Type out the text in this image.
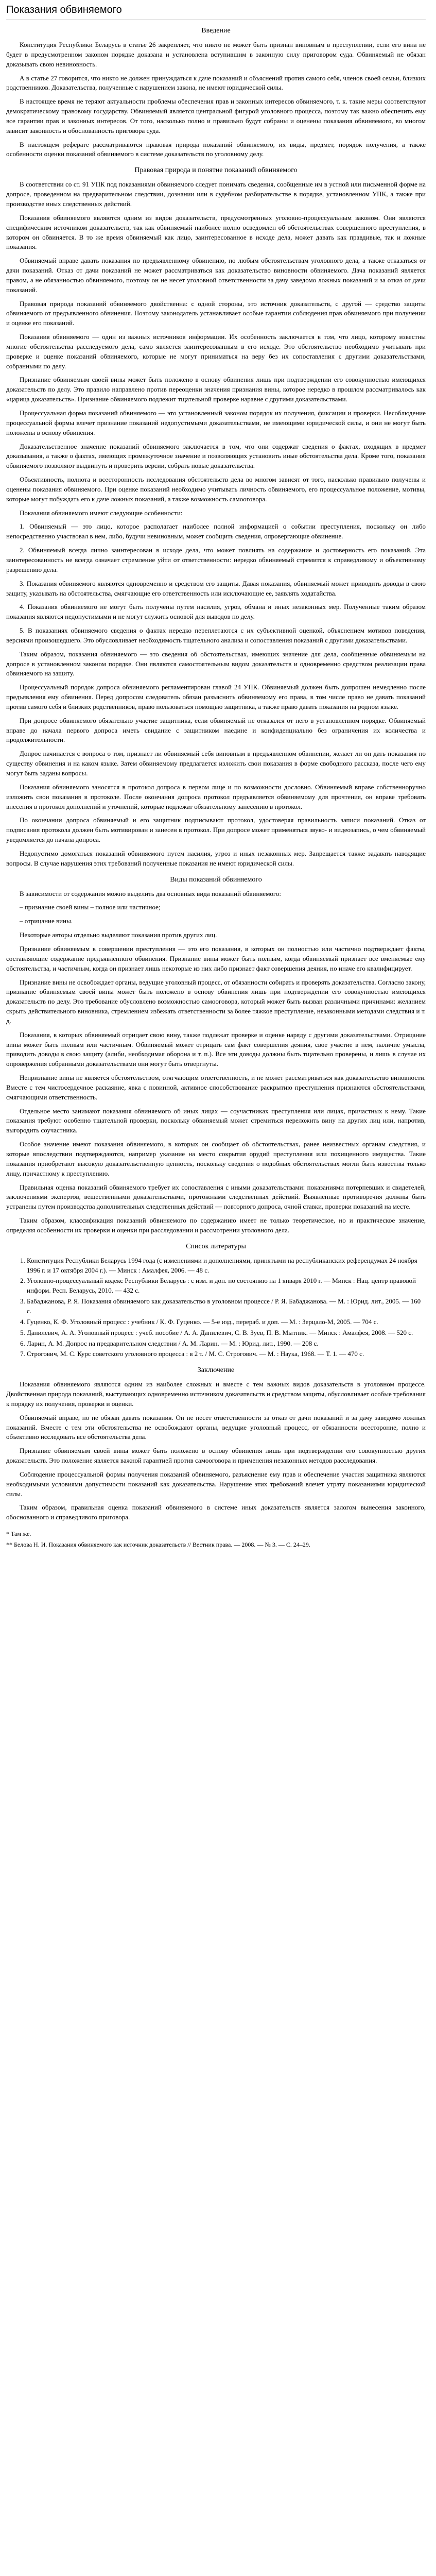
Показания обвиняемого
Введение

Конституция Республики Беларусь в статье 26 закрепляет, что никто не может быть признан виновным в преступлении, если его вина не будет в предусмотренном законом порядке доказана и установлена вступившим в законную силу приговором суда. Обвиняемый не обязан доказывать свою невиновность.

А в статье 27 говорится, что никто не должен принуждаться к даче показаний и объяснений против самого себя, членов своей семьи, близких родственников. Доказательства, полученные с нарушением закона, не имеют юридической силы.

В настоящее время не теряют актуальности проблемы обеспечения прав и законных интересов обвиняемого, т. к. такие меры соответствуют демократическому правовому государству. Обвиняемый является центральной фигурой уголовного процесса, поэтому так важно обеспечить ему все гарантии прав и законных интересов. От того, насколько полно и правильно будут собраны и оценены показания обвиняемого, во многом зависит законность и обоснованность приговора суда.

В настоящем реферате рассматриваются правовая природа показаний обвиняемого, их виды, предмет, порядок получения, а также особенности оценки показаний обвиняемого в системе доказательств по уголовному делу.

Правовая природа и понятие показаний обвиняемого

В соответствии со ст. 91 УПК под показаниями обвиняемого следует понимать сведения, сообщенные им в устной или письменной форме на допросе, проведенном на предварительном следствии, дознании или в судебном разбирательстве в порядке, установленном УПК, а также при производстве иных следственных действий.

Показания обвиняемого являются одним из видов доказательств, предусмотренных уголовно-процессуальным законом. Они являются специфическим источником доказательств, так как обвиняемый наиболее полно осведомлен об обстоятельствах совершенного преступления, в котором он обвиняется. В то же время обвиняемый как лицо, заинтересованное в исходе дела, может давать как правдивые, так и ложные показания.

Обвиняемый вправе давать показания по предъявленному обвинению, по любым обстоятельствам уголовного дела, а также отказаться от дачи показаний. Отказ от дачи показаний не может рассматриваться как доказательство виновности обвиняемого. Дача показаний является правом, а не обязанностью обвиняемого, поэтому он не несет уголовной ответственности за дачу заведомо ложных показаний и за отказ от дачи показаний.

Правовая природа показаний обвиняемого двойственна: с одной стороны, это источник доказательств, с другой — средство защиты обвиняемого от предъявленного обвинения. Поэтому законодатель устанавливает особые гарантии соблюдения прав обвиняемого при получении и оценке его показаний.

Показания обвиняемого — один из важных источников информации. Их особенность заключается в том, что лицо, которому известны многие обстоятельства расследуемого дела, само является заинтересованным в его исходе. Это обстоятельство необходимо учитывать при проверке и оценке показаний обвиняемого, которые не могут приниматься на веру без их сопоставления с другими доказательствами, собранными по делу.

Признание обвиняемым своей вины может быть положено в основу обвинения лишь при подтверждении его совокупностью имеющихся доказательств по делу. Это правило направлено против переоценки значения признания вины, которое нередко в прошлом рассматривалось как «царица доказательств». Признание обвиняемого подлежит тщательной проверке наравне с другими доказательствами.

Процессуальная форма показаний обвиняемого — это установленный законом порядок их получения, фиксации и проверки. Несоблюдение процессуальной формы влечет признание показаний недопустимыми доказательствами, не имеющими юридической силы, и они не могут быть положены в основу обвинения.

Доказательственное значение показаний обвиняемого заключается в том, что они содержат сведения о фактах, входящих в предмет доказывания, а также о фактах, имеющих промежуточное значение и позволяющих установить иные обстоятельства дела. Кроме того, показания обвиняемого позволяют выдвинуть и проверить версии, собрать новые доказательства.

Объективность, полнота и всесторонность исследования обстоятельств дела во многом зависят от того, насколько правильно получены и оценены показания обвиняемого. При оценке показаний необходимо учитывать личность обвиняемого, его процессуальное положение, мотивы, которые могут побуждать его к даче ложных показаний, а также возможность самооговора.

Показания обвиняемого имеют следующие особенности:

1. Обвиняемый — это лицо, которое располагает наиболее полной информацией о событии преступления, поскольку он либо непосредственно участвовал в нем, либо, будучи невиновным, может сообщить сведения, опровергающие обвинение.

2. Обвиняемый всегда лично заинтересован в исходе дела, что может повлиять на содержание и достоверность его показаний. Эта заинтересованность не всегда означает стремление уйти от ответственности: нередко обвиняемый стремится к справедливому и объективному разрешению дела.

3. Показания обвиняемого являются одновременно и средством его защиты. Давая показания, обвиняемый может приводить доводы в свою защиту, указывать на обстоятельства, смягчающие его ответственность или исключающие ее, заявлять ходатайства.

4. Показания обвиняемого не могут быть получены путем насилия, угроз, обмана и иных незаконных мер. Полученные таким образом показания являются недопустимыми и не могут служить основой для выводов по делу.

5. В показаниях обвиняемого сведения о фактах нередко переплетаются с их субъективной оценкой, объяснением мотивов поведения, версиями произошедшего. Это обусловливает необходимость тщательного анализа и сопоставления показаний с другими доказательствами.

Таким образом, показания обвиняемого — это сведения об обстоятельствах, имеющих значение для дела, сообщенные обвиняемым на допросе в установленном законом порядке. Они являются самостоятельным видом доказательств и одновременно средством реализации права обвиняемого на защиту.

Процессуальный порядок допроса обвиняемого регламентирован главой 24 УПК. Обвиняемый должен быть допрошен немедленно после предъявления ему обвинения. Перед допросом следователь обязан разъяснить обвиняемому его права, в том числе право не давать показаний против самого себя и близких родственников, право пользоваться помощью защитника, а также право давать показания на родном языке.

При допросе обвиняемого обязательно участие защитника, если обвиняемый не отказался от него в установленном порядке. Обвиняемый вправе до начала первого допроса иметь свидание с защитником наедине и конфиденциально без ограничения их количества и продолжительности.

Допрос начинается с вопроса о том, признает ли обвиняемый себя виновным в предъявленном обвинении, желает ли он дать показания по существу обвинения и на каком языке. Затем обвиняемому предлагается изложить свои показания в форме свободного рассказа, после чего ему могут быть заданы вопросы.

Показания обвиняемого заносятся в протокол допроса в первом лице и по возможности дословно. Обвиняемый вправе собственноручно изложить свои показания в протоколе. После окончания допроса протокол предъявляется обвиняемому для прочтения, он вправе требовать внесения в протокол дополнений и уточнений, которые подлежат обязательному занесению в протокол.

По окончании допроса обвиняемый и его защитник подписывают протокол, удостоверяя правильность записи показаний. Отказ от подписания протокола должен быть мотивирован и занесен в протокол. При допросе может применяться звуко- и видеозапись, о чем обвиняемый уведомляется до начала допроса.

Недопустимо домогаться показаний обвиняемого путем насилия, угроз и иных незаконных мер. Запрещается также задавать наводящие вопросы. В случае нарушения этих требований полученные показания не имеют юридической силы.

Виды показаний обвиняемого

В зависимости от содержания можно выделить два основных вида показаний обвиняемого:

– признание своей вины – полное или частичное;

– отрицание вины.

Некоторые авторы отдельно выделяют показания против других лиц.

Признание обвиняемым в совершении преступления — это его показания, в которых он полностью или частично подтверждает факты, составляющие содержание предъявленного обвинения. Признание вины может быть полным, когда обвиняемый признает все вменяемые ему обстоятельства, и частичным, когда он признает лишь некоторые из них либо признает факт совершения деяния, но иначе его квалифицирует.

Признание вины не освобождает органы, ведущие уголовный процесс, от обязанности собирать и проверять доказательства. Согласно закону, признание обвиняемым своей вины может быть положено в основу обвинения лишь при подтверждении его совокупностью имеющихся доказательств по делу. Это требование обусловлено возможностью самооговора, который может быть вызван различными причинами: желанием скрыть действительного виновника, стремлением избежать ответственности за более тяжкое преступление, незаконными методами следствия и т. д.

Показания, в которых обвиняемый отрицает свою вину, также подлежат проверке и оценке наряду с другими доказательствами. Отрицание вины может быть полным или частичным. Обвиняемый может отрицать сам факт совершения деяния, свое участие в нем, наличие умысла, приводить доводы в свою защиту (алиби, необходимая оборона и т. п.). Все эти доводы должны быть тщательно проверены, и лишь в случае их опровержения собранными доказательствами они могут быть отвергнуты.

Непризнание вины не является обстоятельством, отягчающим ответственность, и не может рассматриваться как доказательство виновности. Вместе с тем чистосердечное раскаяние, явка с повинной, активное способствование раскрытию преступления признаются обстоятельствами, смягчающими ответственность.

Отдельное место занимают показания обвиняемого об иных лицах — соучастниках преступления или лицах, причастных к нему. Такие показания требуют особенно тщательной проверки, поскольку обвиняемый может стремиться переложить вину на других лиц или, напротив, выгородить соучастника.

Особое значение имеют показания обвиняемого, в которых он сообщает об обстоятельствах, ранее неизвестных органам следствия, и которые впоследствии подтверждаются, например указание на место сокрытия орудий преступления или похищенного имущества. Такие показания приобретают высокую доказательственную ценность, поскольку сведения о подобных обстоятельствах могли быть известны только лицу, причастному к преступлению.

Правильная оценка показаний обвиняемого требует их сопоставления с иными доказательствами: показаниями потерпевших и свидетелей, заключениями экспертов, вещественными доказательствами, протоколами следственных действий. Выявленные противоречия должны быть устранены путем производства дополнительных следственных действий — повторного допроса, очной ставки, проверки показаний на месте.

Таким образом, классификация показаний обвиняемого по содержанию имеет не только теоретическое, но и практическое значение, определяя особенности их проверки и оценки при расследовании и рассмотрении уголовного дела.

Список литературы
1. Конституция Республики Беларусь 1994 года (с изменениями и дополнениями, принятыми на республиканских референдумах 24 ноября 1996 г. и 17 октября 2004 г.). — Минск : Амалфея, 2006. — 48 с.
2. Уголовно-процессуальный кодекс Республики Беларусь : с изм. и доп. по состоянию на 1 января 2010 г. — Минск : Нац. центр правовой информ. Респ. Беларусь, 2010. — 432 с.
3. Бабаджанова, Р. Я. Показания обвиняемого как доказательство в уголовном процессе / Р. Я. Бабаджанова. — М. : Юрид. лит., 2005. — 160 с.
4. Гуценко, К. Ф. Уголовный процесс : учебник / К. Ф. Гуценко. — 5-е изд., перераб. и доп. — М. : Зерцало-М, 2005. — 704 с.
5. Данилевич, А. А. Уголовный процесс : учеб. пособие / А. А. Данилевич, С. В. Зуев, П. В. Мытник. — Минск : Амалфея, 2008. — 520 с.
6. Ларин, А. М. Допрос на предварительном следствии / А. М. Ларин. — М. : Юрид. лит., 1990. — 208 с.
7. Строгович, М. С. Курс советского уголовного процесса : в 2 т. / М. С. Строгович. — М. : Наука, 1968. — Т. 1. — 470 с.
Заключение

Показания обвиняемого являются одним из наиболее сложных и вместе с тем важных видов доказательств в уголовном процессе. Двойственная природа показаний, выступающих одновременно источником доказательств и средством защиты, обусловливает особые требования к порядку их получения, проверки и оценки.

Обвиняемый вправе, но не обязан давать показания. Он не несет ответственности за отказ от дачи показаний и за дачу заведомо ложных показаний. Вместе с тем эти обстоятельства не освобождают органы, ведущие уголовный процесс, от обязанности всесторонне, полно и объективно исследовать все обстоятельства дела.

Признание обвиняемым своей вины может быть положено в основу обвинения лишь при подтверждении его совокупностью других доказательств. Это положение является важной гарантией против самооговора и применения незаконных методов расследования.

Соблюдение процессуальной формы получения показаний обвиняемого, разъяснение ему прав и обеспечение участия защитника являются необходимыми условиями допустимости показаний как доказательства. Нарушение этих требований влечет утрату показаниями юридической силы.

Таким образом, правильная оценка показаний обвиняемого в системе иных доказательств является залогом вынесения законного, обоснованного и справедливого приговора.

* Там же.
** Белова Н. И. Показания обвиняемого как источник доказательств // Вестник права. — 2008. — № 3. — С. 24–29.
